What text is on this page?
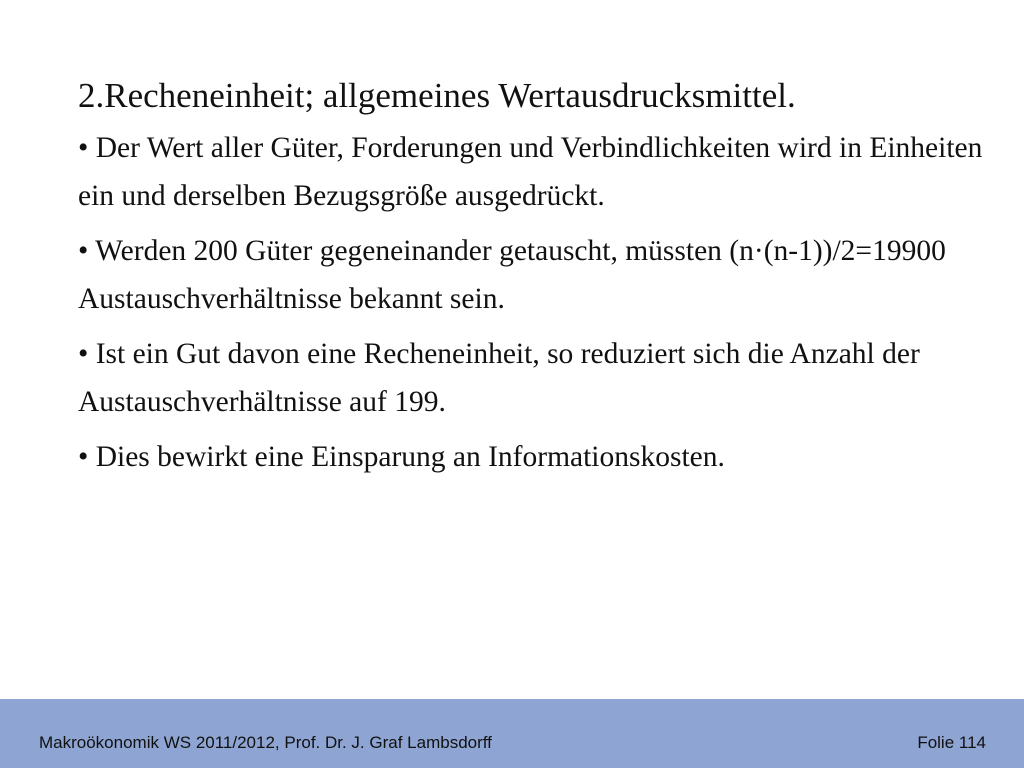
2.Recheneinheit; allgemeines Wertausdrucksmittel.
• Der Wert aller Güter, Forderungen und Verbindlichkeiten wird in Einheiten ein und derselben Bezugsgröße ausgedrückt.
• Werden 200 Güter gegeneinander getauscht, müssten (n·(n-1))/2=19900 Austauschverhältnisse bekannt sein.
• Ist ein Gut davon eine Recheneinheit, so reduziert sich die Anzahl der Austauschverhältnisse auf 199.
• Dies bewirkt eine Einsparung an Informationskosten.
Makroökonomik WS 2011/2012, Prof. Dr. J. Graf Lambsdorff	Folie 114
